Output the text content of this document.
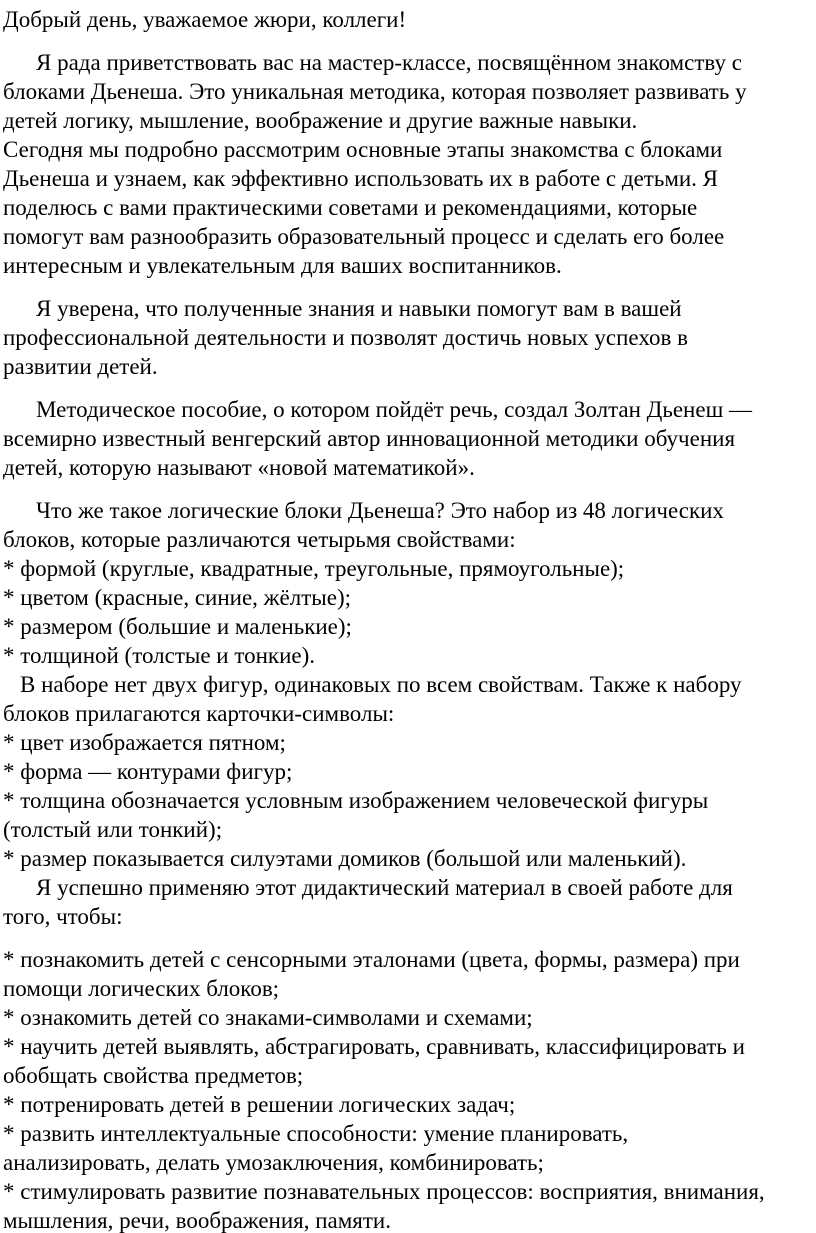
Добрый день, уважаемое жюри, коллеги!
Я рада приветствовать вас на мастер-классе, посвящённом знакомству с
блоками Дьенеша. Это уникальная методика, которая позволяет развивать у
детей логику, мышление, воображение и другие важные навыки.
Сегодня мы подробно рассмотрим основные этапы знакомства с блоками
Дьенеша и узнаем, как эффективно использовать их в работе с детьми. Я
поделюсь с вами практическими советами и рекомендациями, которые
помогут вам разнообразить образовательный процесс и сделать его более
интересным и увлекательным для ваших воспитанников.
Я уверена, что полученные знания и навыки помогут вам в вашей
профессиональной деятельности и позволят достичь новых успехов в
развитии детей.
Методическое пособие, о котором пойдёт речь, создал Золтан Дьенеш —
всемирно известный венгерский автор инновационной методики обучения
детей, которую называют «новой математикой».
Что же такое логические блоки Дьенеша? Это набор из 48 логических
блоков, которые различаются четырьмя свойствами:
* формой (круглые, квадратные, треугольные, прямоугольные);
* цветом (красные, синие, жёлтые);
* размером (большие и маленькие);
* толщиной (толстые и тонкие).
В наборе нет двух фигур, одинаковых по всем свойствам. Также к набору
блоков прилагаются карточки-символы:
* цвет изображается пятном;
* форма — контурами фигур;
* толщина обозначается условным изображением человеческой фигуры
(толстый или тонкий);
* размер показывается силуэтами домиков (большой или маленький).
Я успешно применяю этот дидактический материал в своей работе для
того, чтобы:
* познакомить детей с сенсорными эталонами (цвета, формы, размера) при
помощи логических блоков;
* ознакомить детей со знаками-символами и схемами;
* научить детей выявлять, абстрагировать, сравнивать, классифицировать и
обобщать свойства предметов;
* потренировать детей в решении логических задач;
* развить интеллектуальные способности: умение планировать,
анализировать, делать умозаключения, комбинировать;
* стимулировать развитие познавательных процессов: восприятия, внимания,
мышления, речи, воображения, памяти.
